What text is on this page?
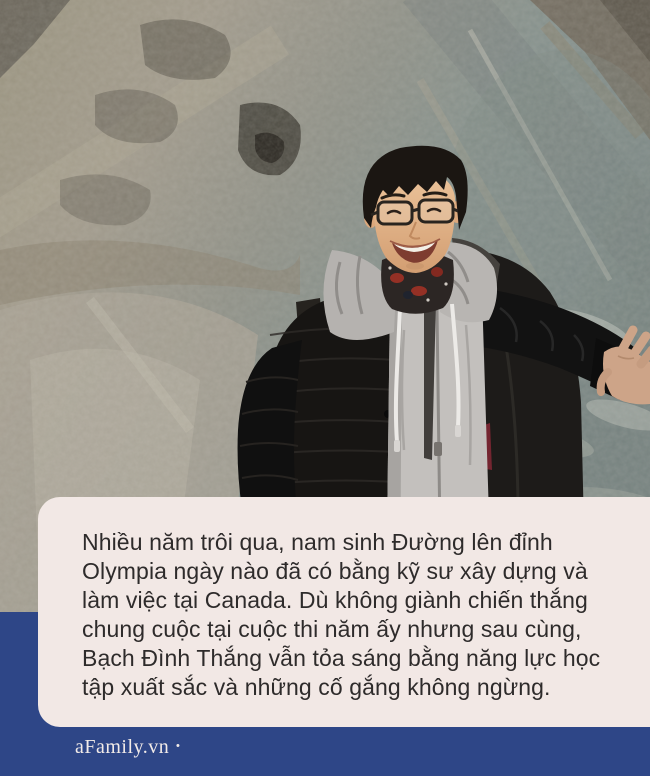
Nhiều năm trôi qua, nam sinh Đường lên đỉnh
Olympia ngày nào đã có bằng kỹ sư xây dựng và
làm việc tại Canada. Dù không giành chiến thắng
chung cuộc tại cuộc thi năm ấy nhưng sau cùng,
Bạch Đình Thắng vẫn tỏa sáng bằng năng lực học
tập xuất sắc và những cố gắng không ngừng.
aFamily.vn •
